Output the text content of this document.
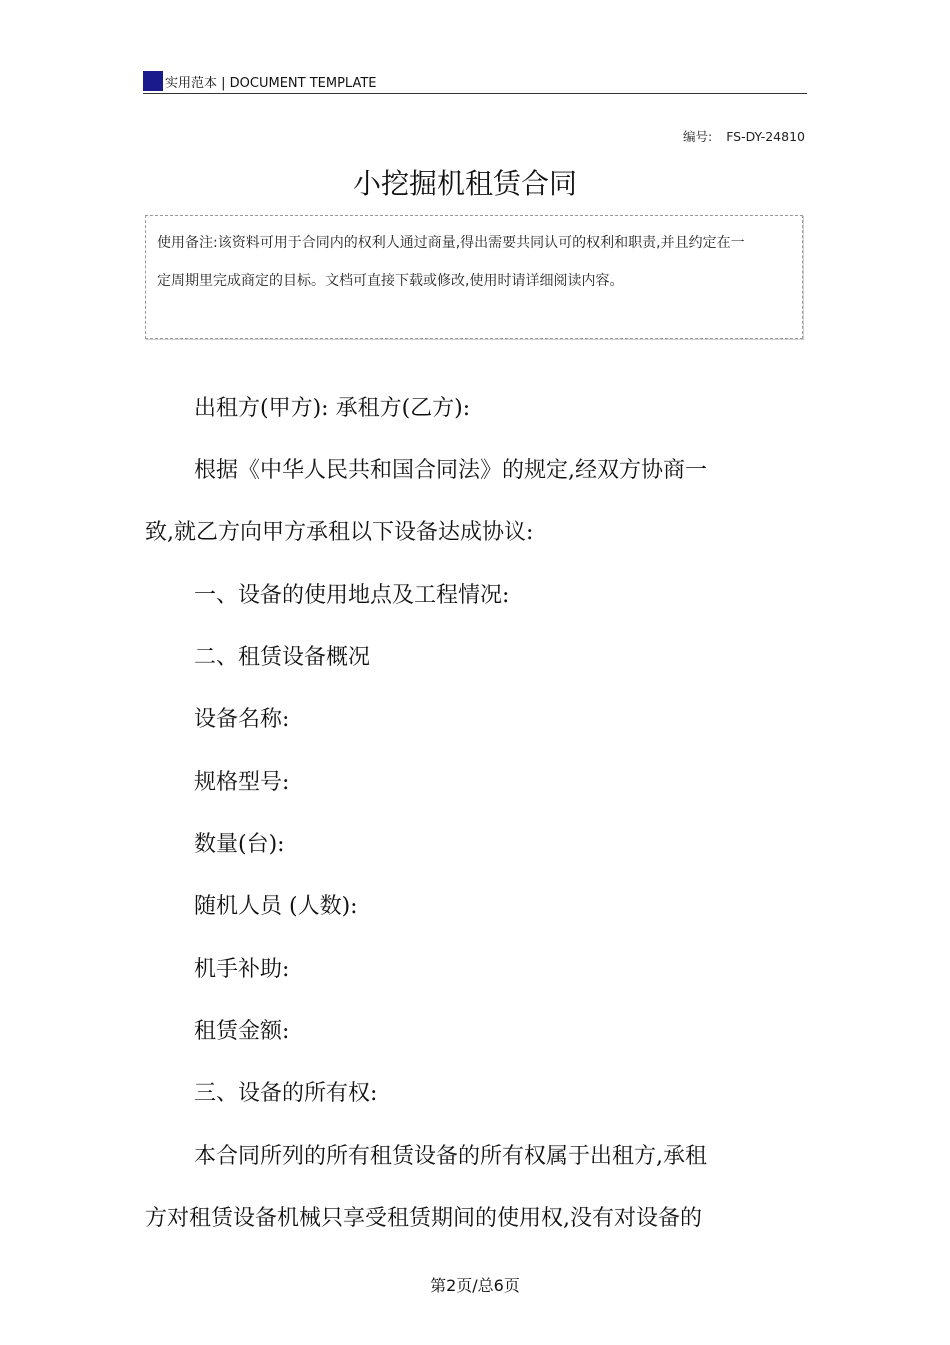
实用范本 | DOCUMENT TEMPLATE
编号: FS-DY-24810
小挖掘机租赁合同
使用备注:该资料可用于合同内的权利人通过商量,得出需要共同认可的权利和职责,并且约定在一定周期里完成商定的目标。文档可直接下载或修改,使用时请详细阅读内容。
出租方(甲方): 承租方(乙方):
根据《中华人民共和国合同法》的规定,经双方协商一
致,就乙方向甲方承租以下设备达成协议:
一、设备的使用地点及工程情况:
二、租赁设备概况
设备名称:
规格型号:
数量(台):
随机人员 (人数):
机手补助:
租赁金额:
三、设备的所有权:
本合同所列的所有租赁设备的所有权属于出租方,承租
方对租赁设备机械只享受租赁期间的使用权,没有对设备的
第2页/总6页
